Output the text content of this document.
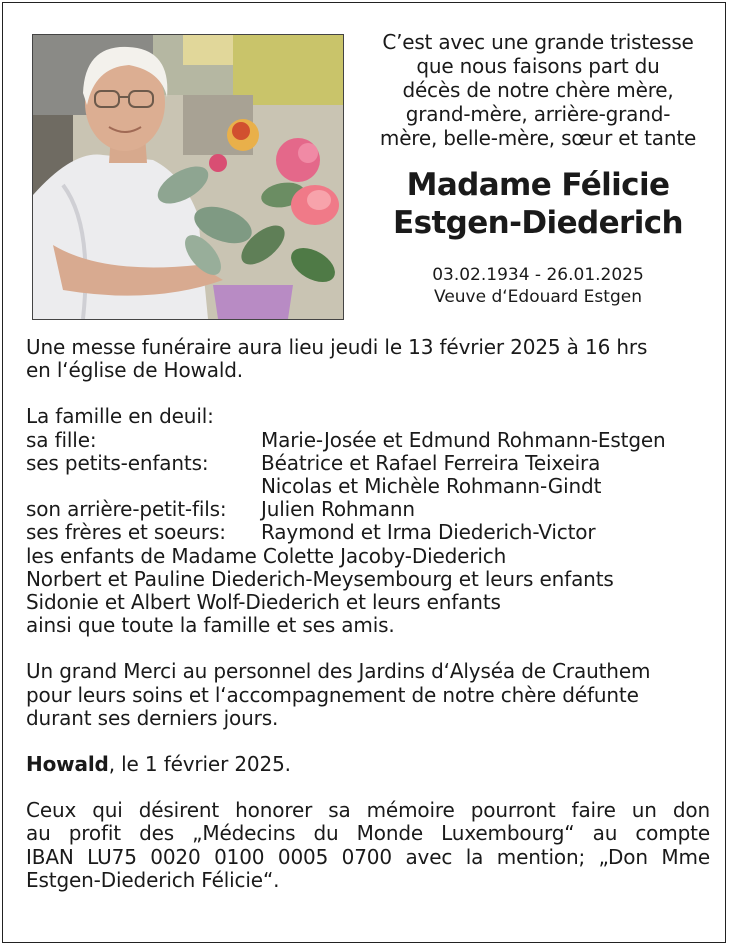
C’est avec une grande tristesse
que nous faisons part du
décès de notre chère mère,
grand-mère, arrière-grand-
mère, belle-mère, sœur et tante
Madame Félicie
Estgen-Diederich
03.02.1934 - 26.01.2025
Veuve d‘Edouard Estgen

Une messe funéraire aura lieu jeudi le 13 février 2025 à 16 hrs
en l‘église de Howald.

La famille en deuil:
sa fille:	Marie-Josée et Edmund Rohmann-Estgen
ses petits-enfants:	Béatrice et Rafael Ferreira Teixeira
Nicolas et Michèle Rohmann-Gindt
son arrière-petit-fils:	Julien Rohmann
ses frères et soeurs:	Raymond et Irma Diederich-Victor
les enfants de Madame Colette Jacoby-Diederich
Norbert et Pauline Diederich-Meysembourg et leurs enfants
Sidonie et Albert Wolf-Diederich et leurs enfants
ainsi que toute la famille et ses amis.

Un grand Merci au personnel des Jardins d‘Alyséa de Crauthem
pour leurs soins et l‘accompagnement de notre chère défunte
durant ses derniers jours.

Howald, le 1 février 2025.

Ceux qui désirent honorer sa mémoire pourront faire un don
au profit des „Médecins du Monde Luxembourg“ au compte
IBAN LU75 0020 0100 0005 0700 avec la mention; „Don Mme
Estgen-Diederich Félicie“.
